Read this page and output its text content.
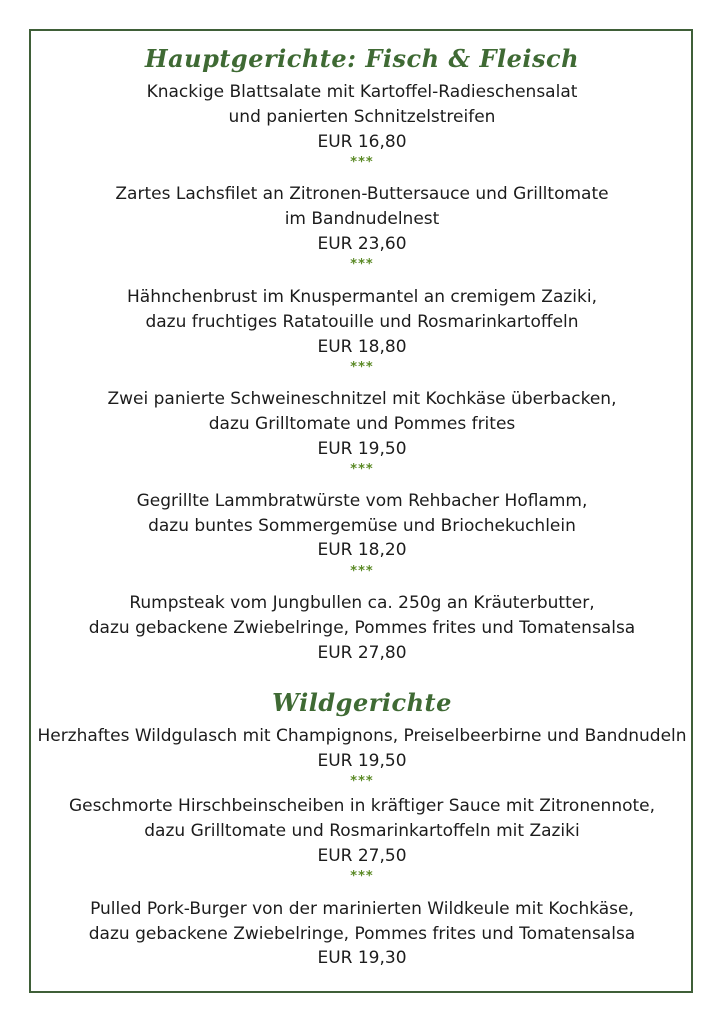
Hauptgerichte: Fisch & Fleisch
Knackige Blattsalate mit Kartoffel-Radieschensalat
und panierten Schnitzelstreifen
EUR 16,80
***
Zartes Lachsfilet an Zitronen-Buttersauce und Grilltomate
im Bandnudelnest
EUR 23,60
***
Hähnchenbrust im Knuspermantel an cremigem Zaziki,
dazu fruchtiges Ratatouille und Rosmarinkartoffeln
EUR 18,80
***
Zwei panierte Schweineschnitzel mit Kochkäse überbacken,
dazu Grilltomate und Pommes frites
EUR 19,50
***
Gegrillte Lammbratwürste vom Rehbacher Hoflamm,
dazu buntes Sommergemüse und Briochekuchlein
EUR 18,20
***
Rumpsteak vom Jungbullen ca. 250g an Kräuterbutter,
dazu gebackene Zwiebelringe, Pommes frites und Tomatensalsa
EUR 27,80
Wildgerichte
Herzhaftes Wildgulasch mit Champignons, Preiselbeerbirne und Bandnudeln
EUR 19,50
***
Geschmorte Hirschbeinscheiben in kräftiger Sauce mit Zitronennote,
dazu Grilltomate und Rosmarinkartoffeln mit Zaziki
EUR 27,50
***
Pulled Pork-Burger von der marinierten Wildkeule mit Kochkäse,
dazu gebackene Zwiebelringe, Pommes frites und Tomatensalsa
EUR 19,30
